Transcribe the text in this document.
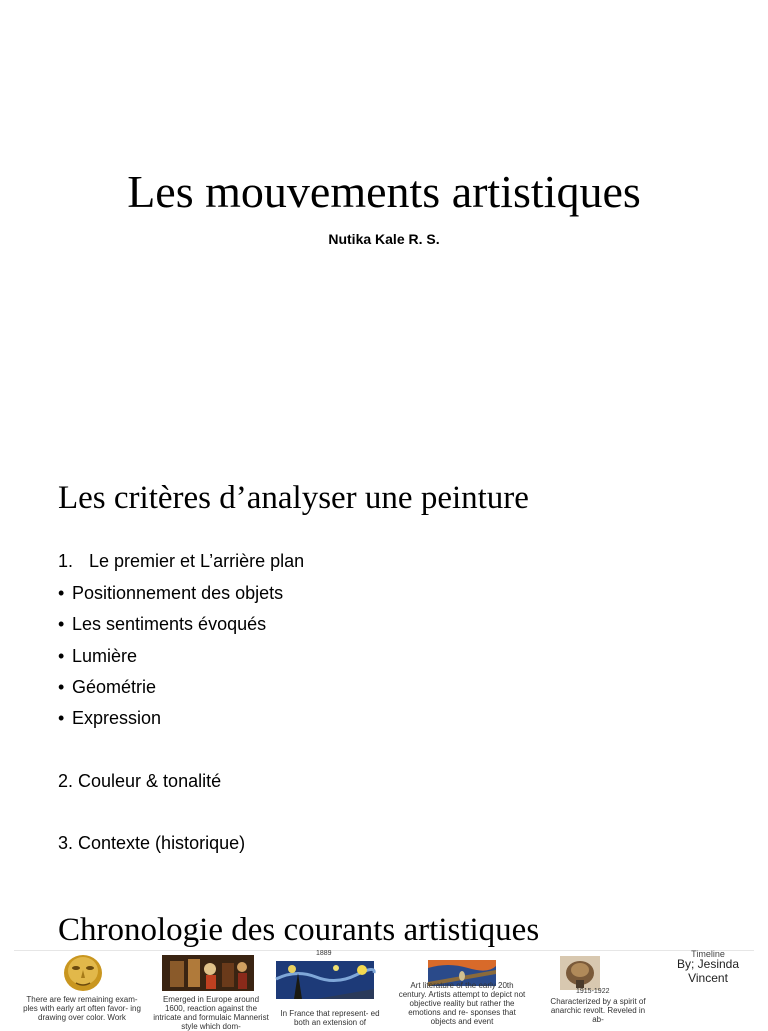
Les mouvements artistiques

Nutika Kale R. S.

Les critères d’analyser une peinture
1. Le premier et L’arrière plan
• Positionnement des objets
• Les sentiments évoqués
• Lumière
• Géométrie
• Expression
2. Couleur & tonalité
3. Contexte (historique)
Chronologie des courants artistiques
There are few remaining exam- ples with early art often favor- ing drawing over color. Work
Emerged in Europe around 1600, reaction against the intricate and formulaic Mannerist style which dom-
1889
In France that represent- ed both an extension of
Art literature of the early 20th century. Artists attempt to depict not objective reality but rather the emotions and re- sponses that objects and event
1915-1922
Characterized by a spirit of anarchic revolt. Reveled in ab-
Timeline
By; Jesinda
Vincent
